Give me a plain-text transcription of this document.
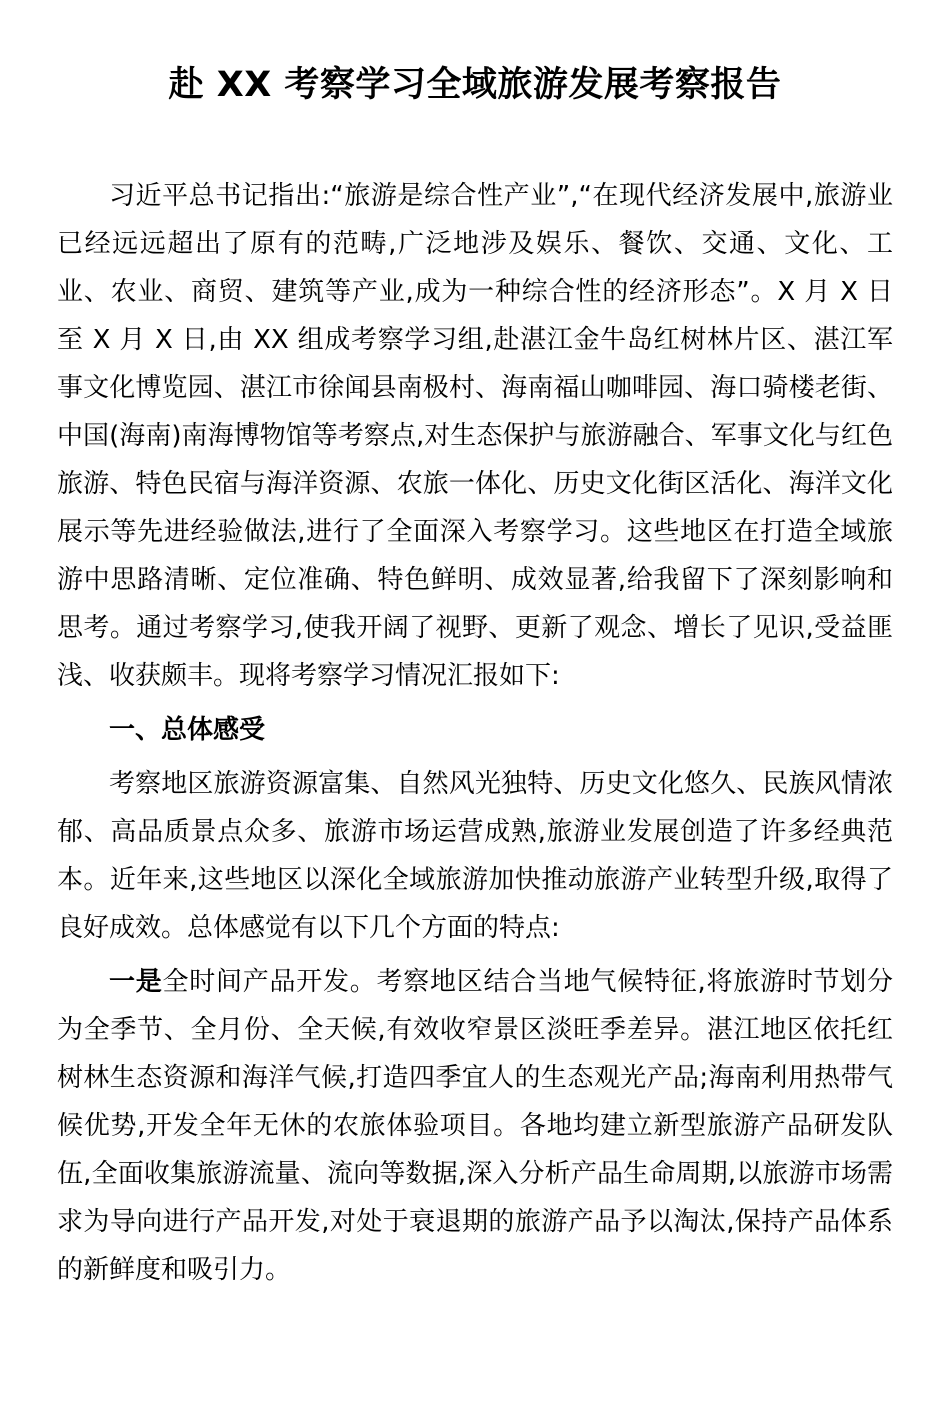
赴 XX 考察学习全域旅游发展考察报告

习近平总书记指出:“旅游是综合性产业”,“在现代经济发展中,旅游业已经远远超出了原有的范畴,广泛地涉及娱乐、餐饮、交通、文化、工业、农业、商贸、建筑等产业,成为一种综合性的经济形态”。X 月 X 日至 X 月 X 日,由 XX 组成考察学习组,赴湛江金牛岛红树林片区、湛江军事文化博览园、湛江市徐闻县南极村、海南福山咖啡园、海口骑楼老街、中国(海南)南海博物馆等考察点,对生态保护与旅游融合、军事文化与红色旅游、特色民宿与海洋资源、农旅一体化、历史文化街区活化、海洋文化展示等先进经验做法,进行了全面深入考察学习。这些地区在打造全域旅游中思路清晰、定位准确、特色鲜明、成效显著,给我留下了深刻影响和思考。通过考察学习,使我开阔了视野、更新了观念、增长了见识,受益匪浅、收获颇丰。现将考察学习情况汇报如下:

一、总体感受

考察地区旅游资源富集、自然风光独特、历史文化悠久、民族风情浓郁、高品质景点众多、旅游市场运营成熟,旅游业发展创造了许多经典范本。近年来,这些地区以深化全域旅游加快推动旅游产业转型升级,取得了良好成效。总体感觉有以下几个方面的特点:

一是全时间产品开发。考察地区结合当地气候特征,将旅游时节划分为全季节、全月份、全天候,有效收窄景区淡旺季差异。湛江地区依托红树林生态资源和海洋气候,打造四季宜人的生态观光产品;海南利用热带气候优势,开发全年无休的农旅体验项目。各地均建立新型旅游产品研发队伍,全面收集旅游流量、流向等数据,深入分析产品生命周期,以旅游市场需求为导向进行产品开发,对处于衰退期的旅游产品予以淘汰,保持产品体系的新鲜度和吸引力。
